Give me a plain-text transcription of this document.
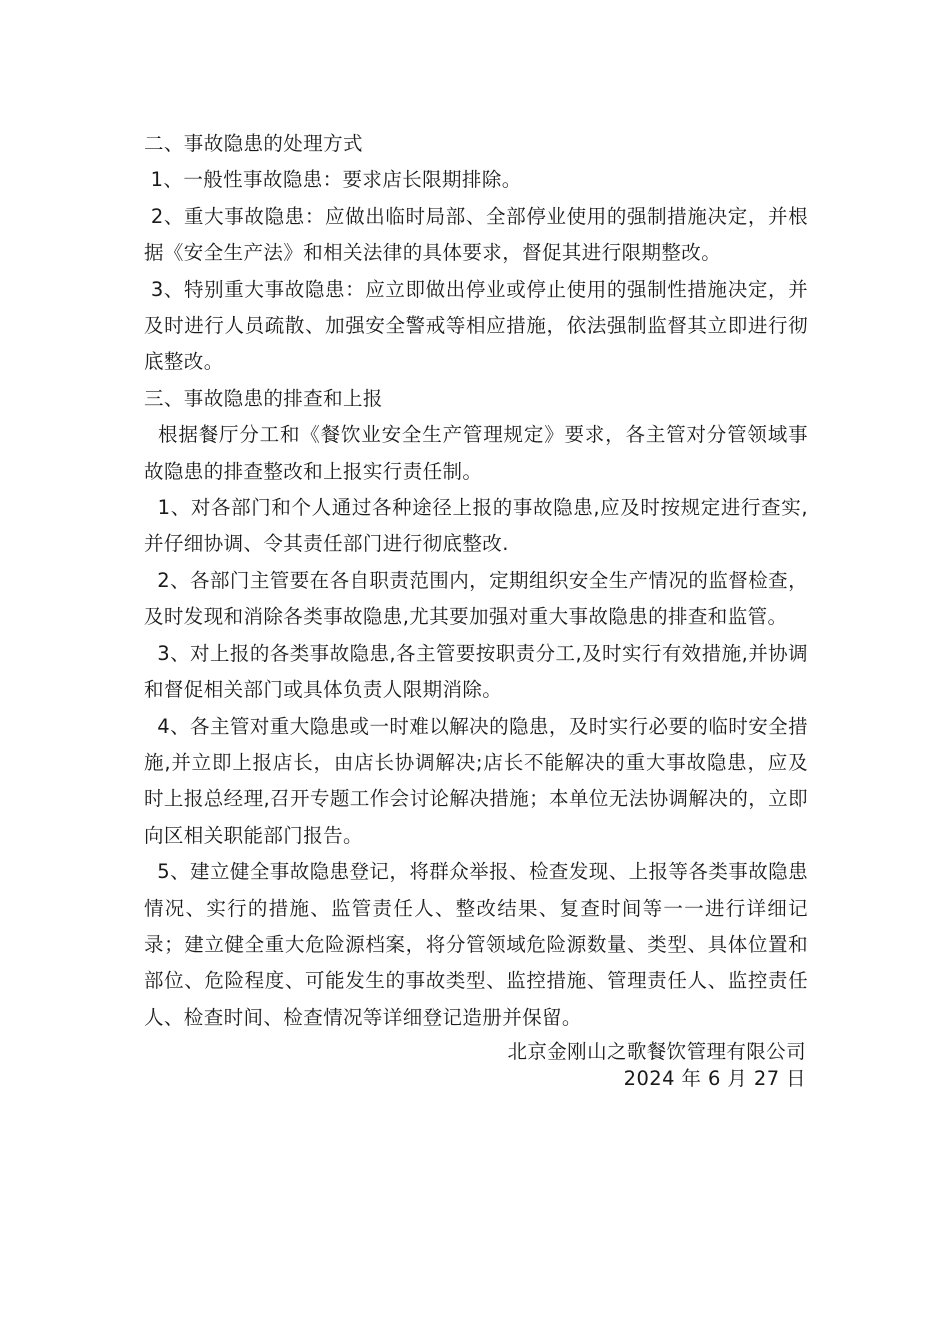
二、事故隐患的处理方式

1、一般性事故隐患：要求店长限期排除。

2、重大事故隐患：应做出临时局部、全部停业使用的强制措施决定，并根据《安全生产法》和相关法律的具体要求，督促其进行限期整改。

3、特别重大事故隐患：应立即做出停业或停止使用的强制性措施决定，并及时进行人员疏散、加强安全警戒等相应措施，依法强制监督其立即进行彻底整改。

三、事故隐患的排查和上报

根据餐厅分工和《餐饮业安全生产管理规定》要求，各主管对分管领域事故隐患的排查整改和上报实行责任制。

1、对各部门和个人通过各种途径上报的事故隐患,应及时按规定进行查实,并仔细协调、令其责任部门进行彻底整改.

2、各部门主管要在各自职责范围内，定期组织安全生产情况的监督检查，及时发现和消除各类事故隐患,尤其要加强对重大事故隐患的排查和监管。

3、对上报的各类事故隐患,各主管要按职责分工,及时实行有效措施,并协调和督促相关部门或具体负责人限期消除。

4、各主管对重大隐患或一时难以解决的隐患，及时实行必要的临时安全措施,并立即上报店长，由店长协调解决;店长不能解决的重大事故隐患，应及时上报总经理,召开专题工作会讨论解决措施；本单位无法协调解决的，立即向区相关职能部门报告。

5、建立健全事故隐患登记，将群众举报、检查发现、上报等各类事故隐患情况、实行的措施、监管责任人、整改结果、复查时间等一一进行详细记录；建立健全重大危险源档案，将分管领域危险源数量、类型、具体位置和部位、危险程度、可能发生的事故类型、监控措施、管理责任人、监控责任人、检查时间、检查情况等详细登记造册并保留。

北京金刚山之歌餐饮管理有限公司

2024 年 6 月 27 日
